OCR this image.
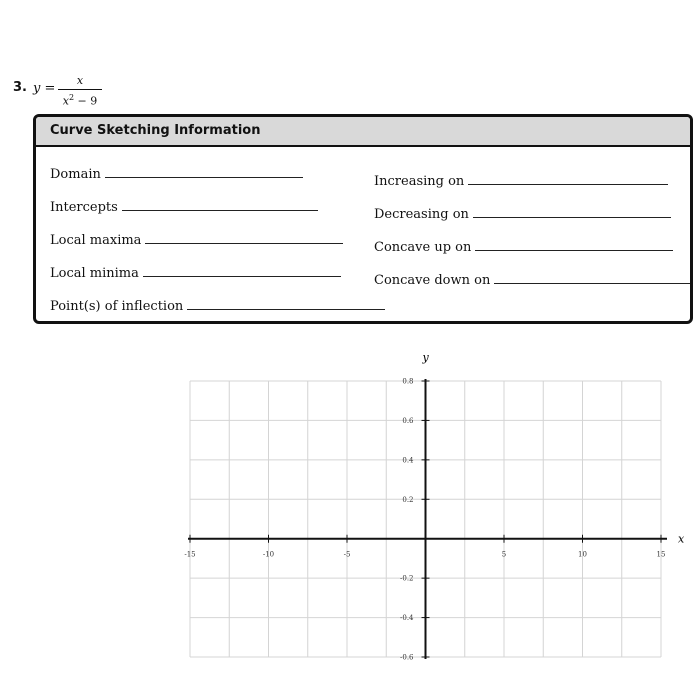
3. y =
x
$x^2 - 9$
Curve Sketching Information
Domain
Intercepts
Local maxima
Local minima
Point(s) of inflection
Increasing on
Decreasing on
Concave up on
Concave down on
-15	-10	-5	5	10	15
0.8
0.6
0.4
0.2
-0.2
-0.4
-0.6
x
y
